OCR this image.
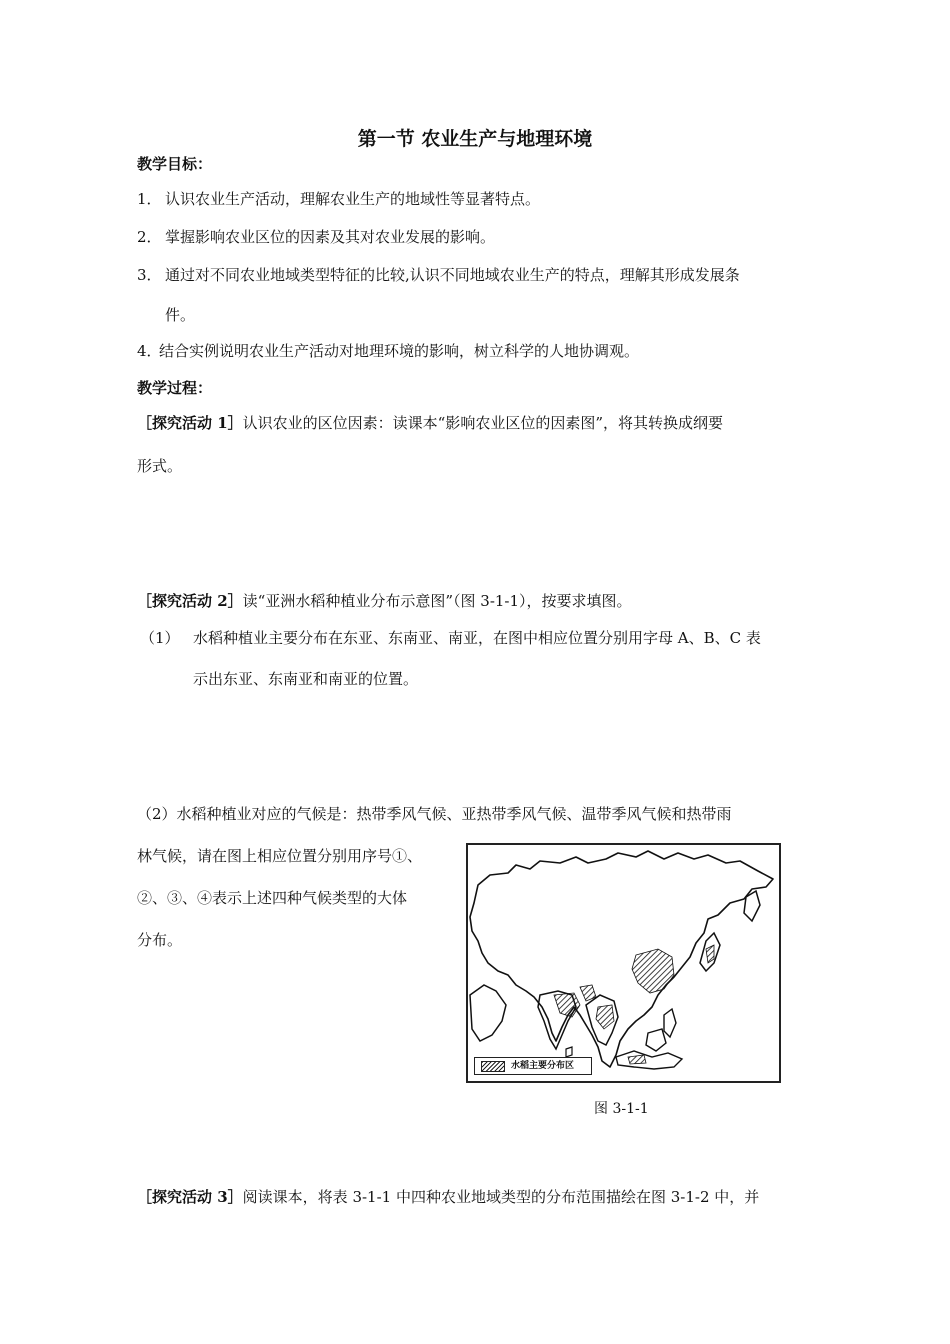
第一节 农业生产与地理环境
教学目标：
1． 认识农业生产活动，理解农业生产的地域性等显著特点。
2． 掌握影响农业区位的因素及其对农业发展的影响。
3． 通过对不同农业地域类型特征的比较,认识不同地域农业生产的特点，理解其形成发展条
件。
4．结合实例说明农业生产活动对地理环境的影响，树立科学的人地协调观。
教学过程：
［探究活动 1］认识农业的区位因素：读课本“影响农业区位的因素图”，将其转换成纲要
形式。
［探究活动 2］读“亚洲水稻种植业分布示意图”（图 3-1-1），按要求填图。
（1） 水稻种植业主要分布在东亚、东南亚、南亚，在图中相应位置分别用字母 A、B、C 表
示出东亚、东南亚和南亚的位置。
（2）水稻种植业对应的气候是：热带季风气候、亚热带季风气候、温带季风气候和热带雨
林气候，请在图上相应位置分别用序号①、
②、③、④表示上述四种气候类型的大体
分布。
水稻主要分布区
图 3-1-1
［探究活动 3］阅读课本，将表 3-1-1 中四种农业地域类型的分布范围描绘在图 3-1-2 中，并
